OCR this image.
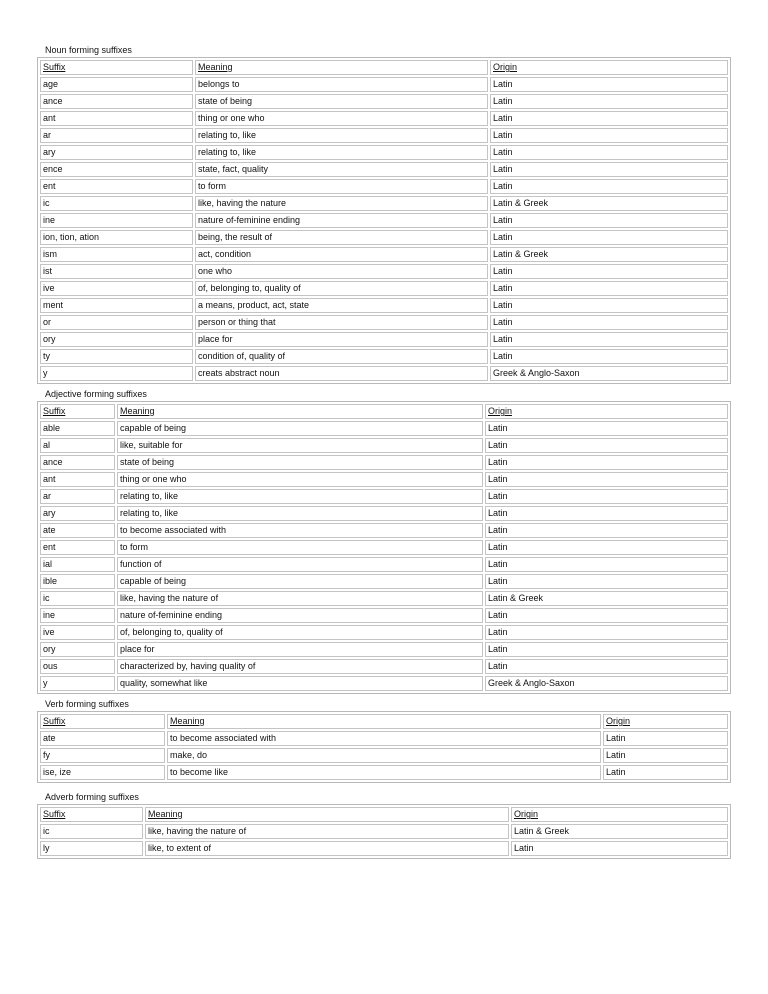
Noun forming suffixes
Suffix	Meaning	Origin
age	belongs to	Latin
ance	state of being	Latin
ant	thing or one who	Latin
ar	relating to, like	Latin
ary	relating to, like	Latin
ence	state, fact, quality	Latin
ent	to form	Latin
ic	like, having the nature	Latin & Greek
ine	nature of-feminine ending	Latin
ion, tion, ation	being, the result of	Latin
ism	act, condition	Latin & Greek
ist	one who	Latin
ive	of, belonging to, quality of	Latin
ment	a means, product, act, state	Latin
or	person or thing that	Latin
ory	place for	Latin
ty	condition of, quality of	Latin
y	creats abstract noun	Greek & Anglo-Saxon
Adjective forming suffixes
Suffix	Meaning	Origin
able	capable of being	Latin
al	like, suitable for	Latin
ance	state of being	Latin
ant	thing or one who	Latin
ar	relating to, like	Latin
ary	relating to, like	Latin
ate	to become associated with	Latin
ent	to form	Latin
ial	function of	Latin
ible	capable of being	Latin
ic	like, having the nature of	Latin & Greek
ine	nature of-feminine ending	Latin
ive	of, belonging to, quality of	Latin
ory	place for	Latin
ous	characterized by, having quality of	Latin
y	quality, somewhat like	Greek & Anglo-Saxon
Verb forming suffixes
Suffix	Meaning	Origin
ate	to become associated with	Latin
fy	make, do	Latin
ise, ize	to become like	Latin
Adverb forming suffixes
Suffix	Meaning	Origin
ic	like, having the nature of	Latin & Greek
ly	like, to extent of	Latin
